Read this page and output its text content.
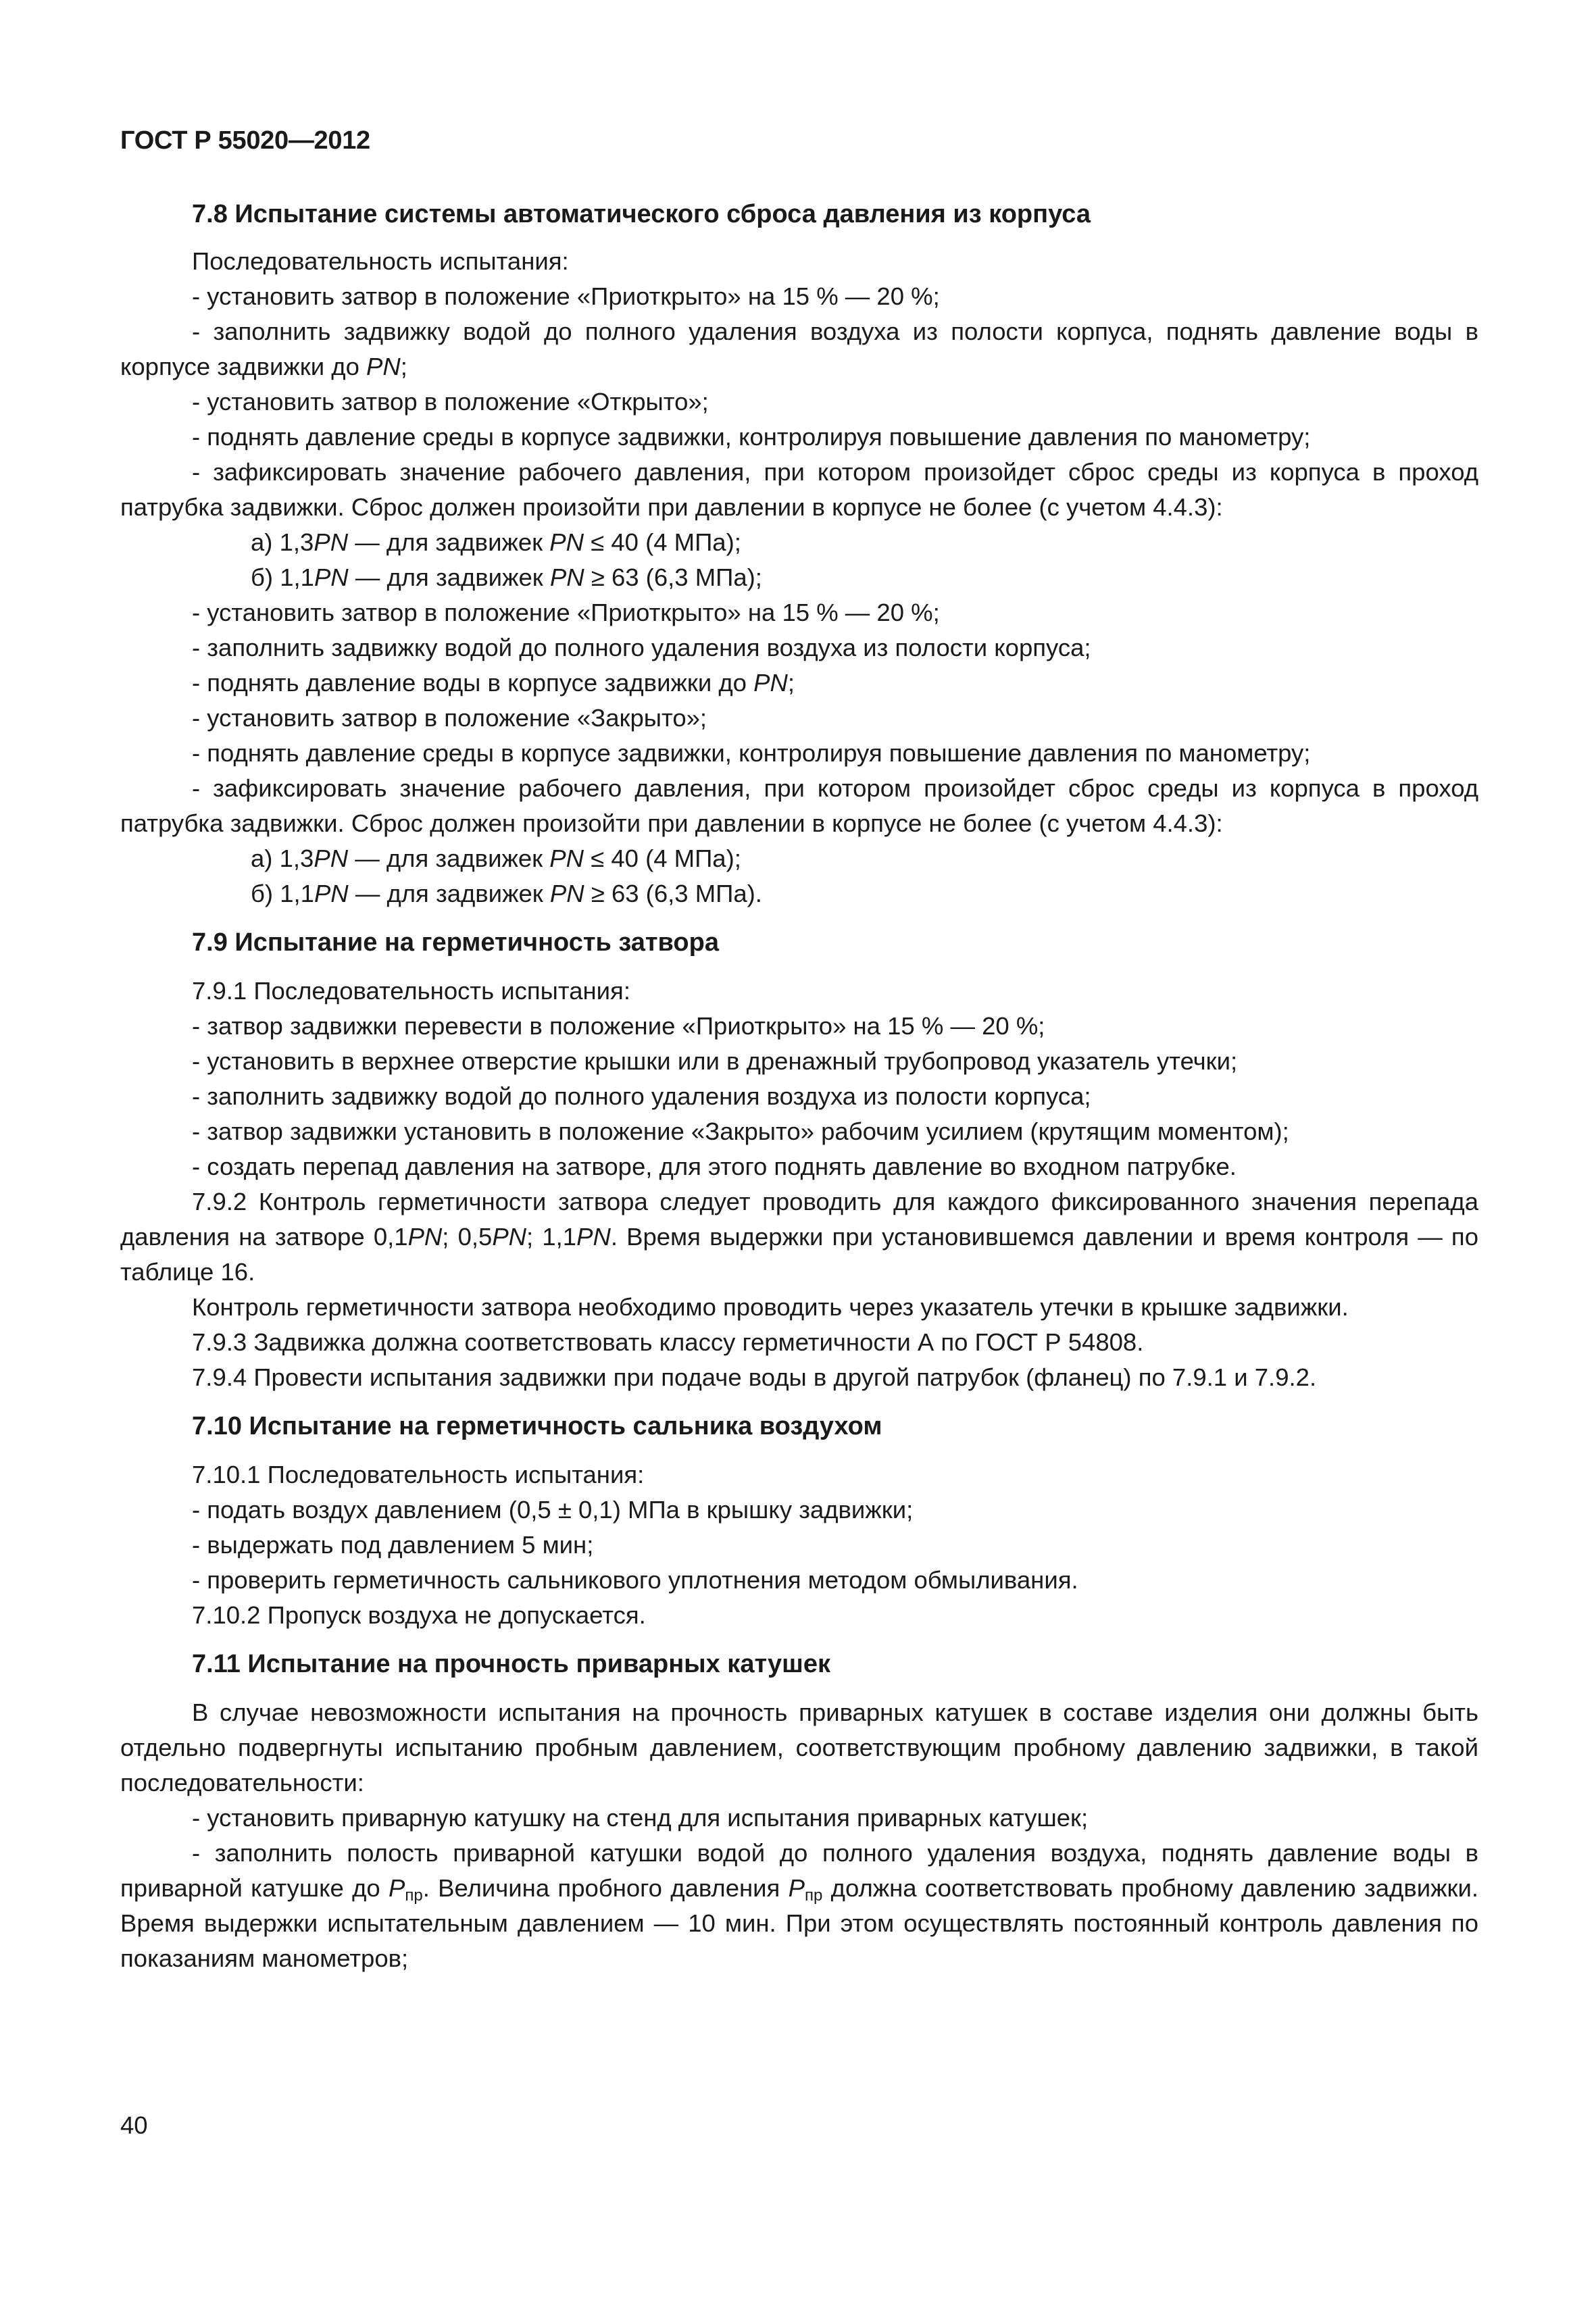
ГОСТ Р 55020—2012
7.8 Испытание системы автоматического сброса давления из корпуса

Последовательность испытания:

- установить затвор в положение «Приоткрыто» на 15 % — 20 %;

- заполнить задвижку водой до полного удаления воздуха из полости корпуса, поднять давление воды в корпусе задвижки до PN;

- установить затвор в положение «Открыто»;

- поднять давление среды в корпусе задвижки, контролируя повышение давления по манометру;

- зафиксировать значение рабочего давления, при котором произойдет сброс среды из корпуса в проход патрубка задвижки. Сброс должен произойти при давлении в корпусе не более (с учетом 4.4.3):

а) 1,3PN — для задвижек PN ≤ 40 (4 МПа);

б) 1,1PN — для задвижек PN ≥ 63 (6,3 МПа);

- установить затвор в положение «Приоткрыто» на 15 % — 20 %;

- заполнить задвижку водой до полного удаления воздуха из полости корпуса;

- поднять давление воды в корпусе задвижки до PN;

- установить затвор в положение «Закрыто»;

- поднять давление среды в корпусе задвижки, контролируя повышение давления по манометру;

- зафиксировать значение рабочего давления, при котором произойдет сброс среды из корпуса в проход патрубка задвижки. Сброс должен произойти при давлении в корпусе не более (с учетом 4.4.3):

а) 1,3PN — для задвижек PN ≤ 40 (4 МПа);

б) 1,1PN — для задвижек PN ≥ 63 (6,3 МПа).

7.9 Испытание на герметичность затвора

7.9.1 Последовательность испытания:

- затвор задвижки перевести в положение «Приоткрыто» на 15 % — 20 %;

- установить в верхнее отверстие крышки или в дренажный трубопровод указатель утечки;

- заполнить задвижку водой до полного удаления воздуха из полости корпуса;

- затвор задвижки установить в положение «Закрыто» рабочим усилием (крутящим моментом);

- создать перепад давления на затворе, для этого поднять давление во входном патрубке.

7.9.2 Контроль герметичности затвора следует проводить для каждого фиксированного значения перепада давления на затворе 0,1PN; 0,5PN; 1,1PN. Время выдержки при установившемся давлении и время контроля — по таблице 16.

Контроль герметичности затвора необходимо проводить через указатель утечки в крышке задвижки.

7.9.3 Задвижка должна соответствовать классу герметичности А по ГОСТ Р 54808.

7.9.4 Провести испытания задвижки при подаче воды в другой патрубок (фланец) по 7.9.1 и 7.9.2.

7.10 Испытание на герметичность сальника воздухом

7.10.1 Последовательность испытания:

- подать воздух давлением (0,5 ± 0,1) МПа в крышку задвижки;

- выдержать под давлением 5 мин;

- проверить герметичность сальникового уплотнения методом обмыливания.

7.10.2 Пропуск воздуха не допускается.

7.11 Испытание на прочность приварных катушек

В случае невозможности испытания на прочность приварных катушек в составе изделия они должны быть отдельно подвергнуты испытанию пробным давлением, соответствующим пробному давлению задвижки, в такой последовательности:

- установить приварную катушку на стенд для испытания приварных катушек;

- заполнить полость приварной катушки водой до полного удаления воздуха, поднять давление воды в приварной катушке до $P_{пр}$. Величина пробного давления $P_{пр}$ должна соответствовать пробному давлению задвижки. Время выдержки испытательным давлением — 10 мин. При этом осуществлять постоянный контроль давления по показаниям манометров;

40
